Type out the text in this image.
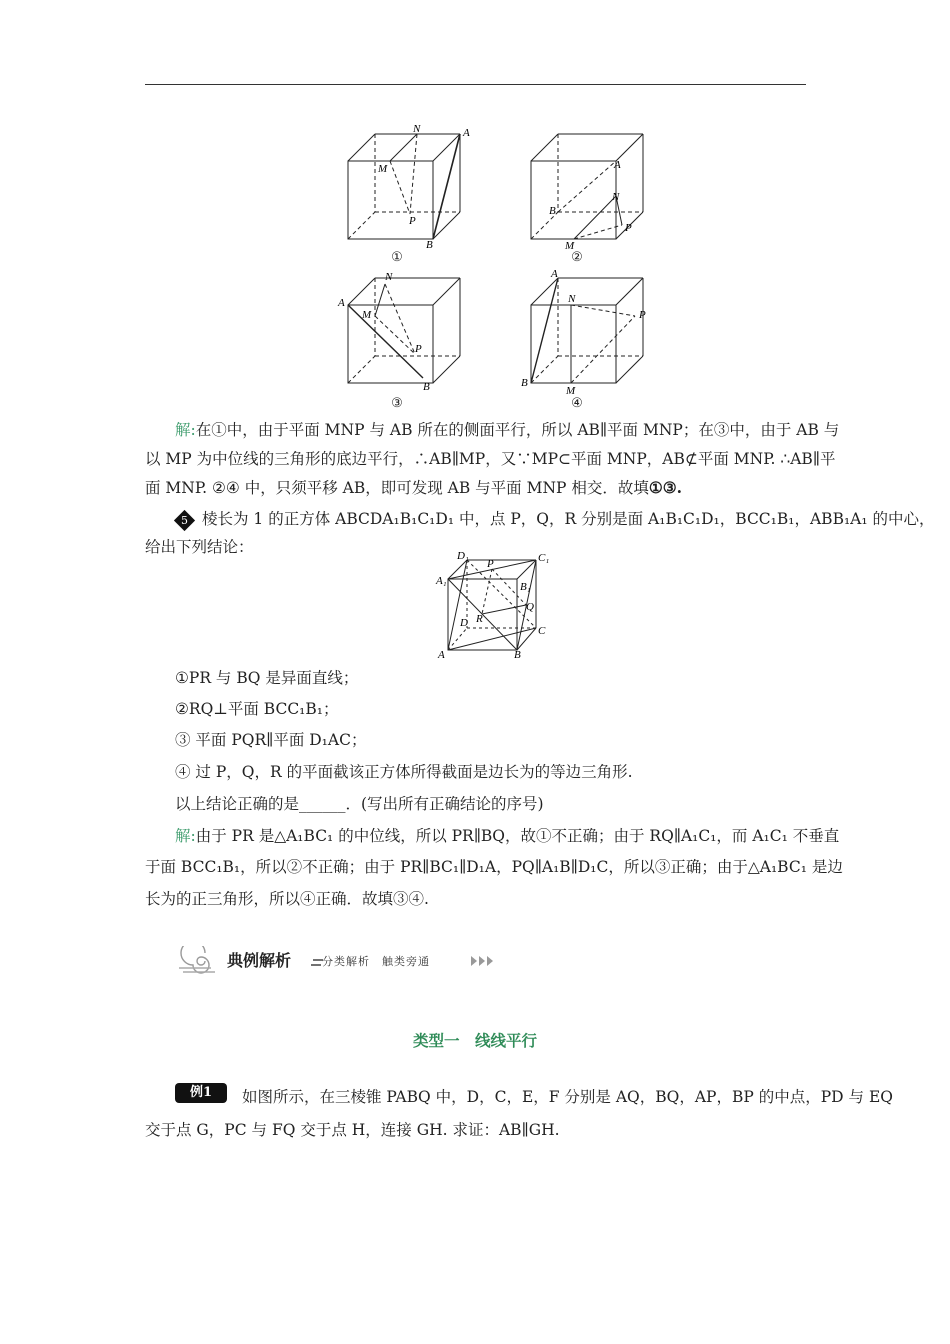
N	A
M
P
B
①
A
N
B
P
M
②
A
N
M
P
B
③
A
N
P
B
M
④
解:在①中，由于平面 MNP 与 AB 所在的侧面平行，所以 AB∥平面 MNP；在③中，由于 AB 与
以 MP 为中位线的三角形的底边平行，∴AB∥MP，又∵MP⊂平面 MNP，AB⊄平面 MNP. ∴AB∥平
面 MNP. ②④ 中，只须平移 AB，即可发现 AB 与平面 MNP 相交．故填①③.
5 棱长为 1 的正方体 ABCDA₁B₁C₁D₁ 中，点 P，Q，R 分别是面 A₁B₁C₁D₁，BCC₁B₁，ABB₁A₁ 的中心，
给出下列结论：	D₁
P	C₁
A₁	B₁
Q
D R
C
A	B
①PR 与 BQ 是异面直线；
②RQ⊥平面 BCC₁B₁；
③ 平面 PQR∥平面 D₁AC；
④ 过 P，Q，R 的平面截该正方体所得截面是边长为的等边三角形.
以上结论正确的是______．(写出所有正确结论的序号)
解:由于 PR 是△A₁BC₁ 的中位线，所以 PR∥BQ，故①不正确；由于 RQ∥A₁C₁，而 A₁C₁ 不垂直
于面 BCC₁B₁，所以②不正确；由于 PR∥BC₁∥D₁A，PQ∥A₁B∥D₁C，所以③正确；由于△A₁BC₁ 是边
长为的正三角形，所以④正确．故填③④.
典例解析	分类解析　触类旁通
类型一　线线平行
例1	如图所示，在三棱锥 PABQ 中，D，C，E，F 分别是 AQ，BQ，AP，BP 的中点，PD 与 EQ
交于点 G，PC 与 FQ 交于点 H，连接 GH. 求证：AB∥GH.
